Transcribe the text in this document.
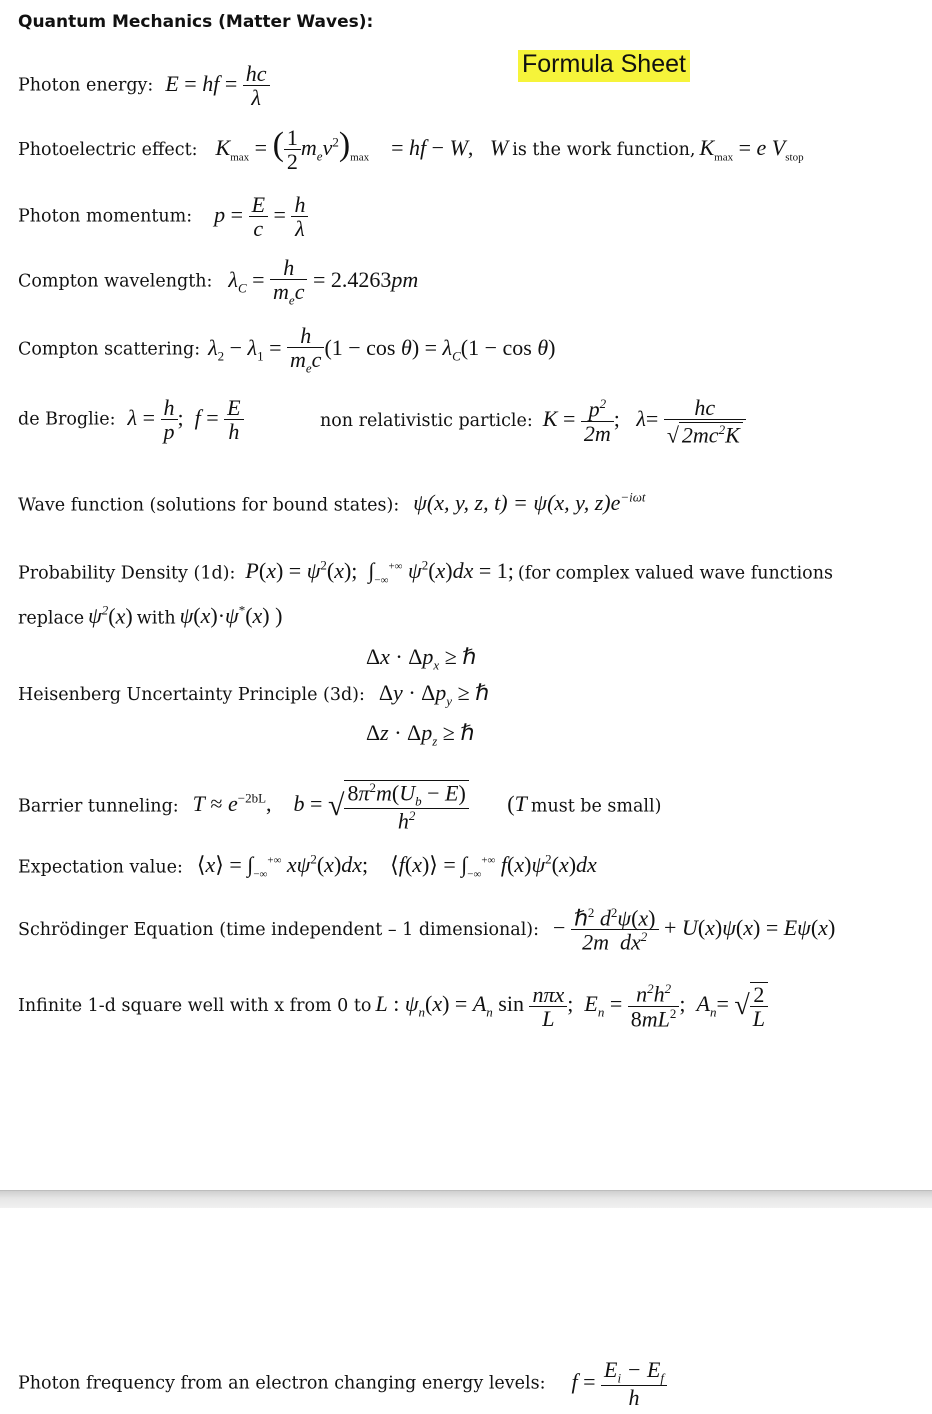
Quantum Mechanics (Matter Waves):
Formula Sheet
Photon energy: E = hf = $\frac{hc}{\lambda}$
Photoelectric effect: $K_{max}$ = ( $\frac{1}{2} m_ev^2)_{max}$    = hf − W,   W is the work function, $K_{max} = e$ $V_{stop}$
Photon momentum: $p = \frac{E}{c} = \frac{h}{\lambda}$
Compton wavelength: $\lambda_C = \frac{h}{m_ec} = 2.4263pm$
Compton scattering: $\lambda_2 - \lambda_1 = \frac{h}{m_ec} (1 - \cos \theta) = \lambda_C(1 - \cos \theta)$
de Broglie: $\lambda = \frac{h}{p}$ ;  $f = \frac{E}{h}$	non relativistic particle: $K = \frac{p^2}{2m}$ ;   $\lambda= \frac{hc}{√ 2mc^2K}$
Wave function (solutions for bound states): ψ(x, y, z, t) = ψ(x, y, $z)e^{-i\omega t}$
Probability Density (1d): $P(x) = \psi^2(x)$;  $\int_{-\infty}^{+\infty}$ $\psi^2(x)dx = 1$; (for complex valued wave functions
replace $\psi^2(x)$ with ψ(x)·ψ*(x) )
$\Delta x \cdot \Delta p_x$ ≥ ℏ
Heisenberg Uncertainty Principle (3d): $\Delta y \cdot \Delta p_y$ ≥ ℏ
$\Delta z \cdot \Delta p_z$ ≥ ℏ
Barrier tunneling: $T \approx e^{-2bL}$,    b = √ $\frac{8\pi^2m(U_b - E)}{h^2} (T$ must be small)
Expectation value: ⟨x⟩ = $\int_{-\infty}^{+\infty}$ $x\psi^2(x)dx$;    ⟨f(x)⟩ = $\int_{-\infty}^{+\infty}$ $f(x)\psi^2(x)dx$
Schrödinger Equation (time independent – 1 dimensional): − $\frac{\hbar^2 d^2\psi(x)}{2m dx^2} + U(x)\psi(x) = E\psi(x)$
Infinite 1-d square well with x from 0 to L : $\psi_n(x) = A_n$ $\sin \frac{\text{nπx}}{L}$ ;  $E_n = \frac{n^2h^2}{8mL^2}$ ;  $A_n=$ √ $\frac{2}{L}$
Photon frequency from an electron changing energy levels: $f = \frac{E_i - E_f}{h}$
